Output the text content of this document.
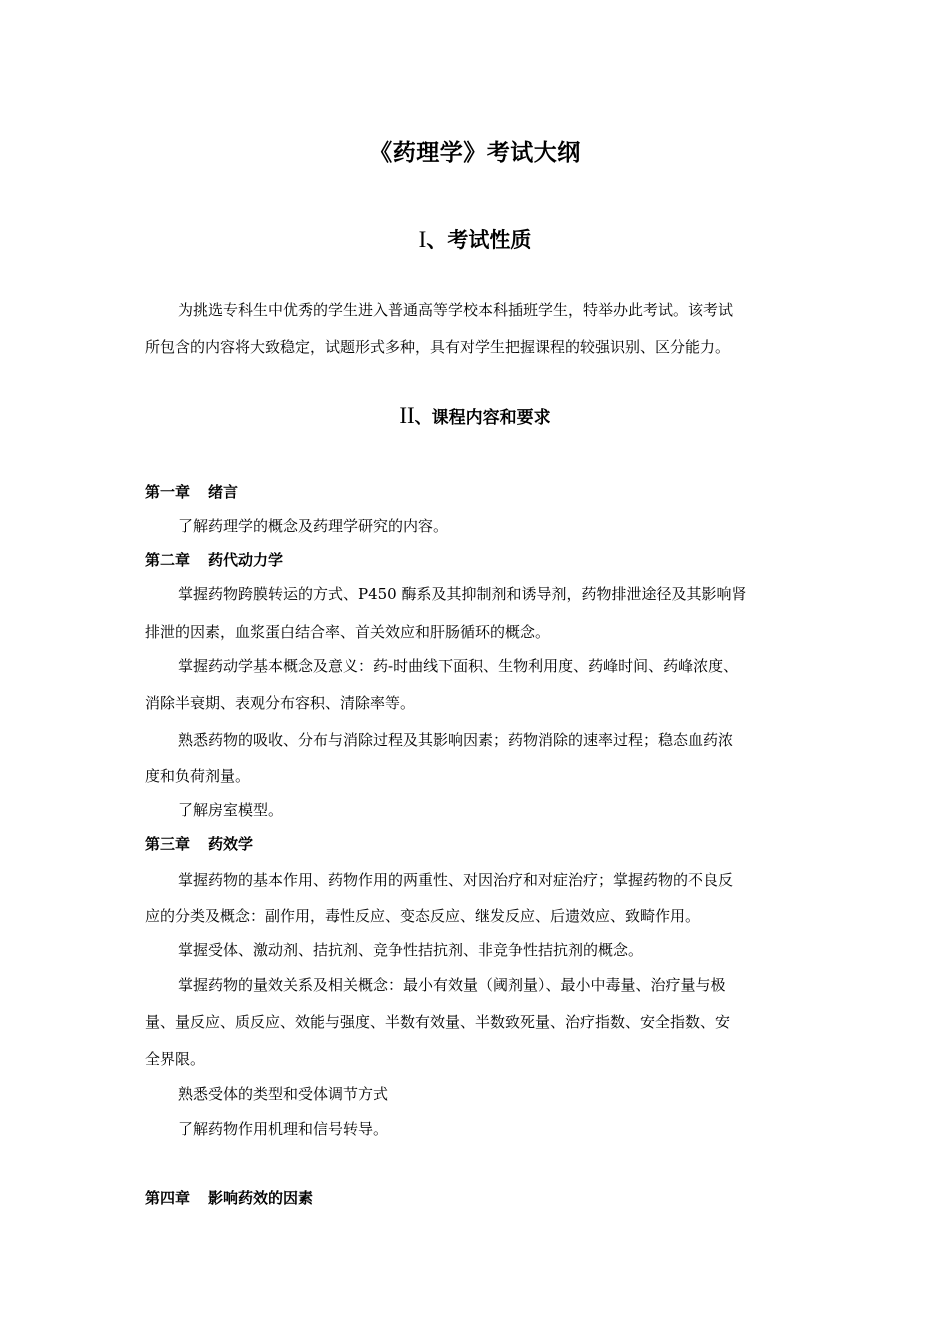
《药理学》考试大纲
I、考试性质
为挑选专科生中优秀的学生进入普通高等学校本科插班学生，特举办此考试。该考试
所包含的内容将大致稳定，试题形式多种，具有对学生把握课程的较强识别、区分能力。
II、课程内容和要求
第一章 绪言
了解药理学的概念及药理学研究的内容。
第二章 药代动力学
掌握药物跨膜转运的方式、P450 酶系及其抑制剂和诱导剂，药物排泄途径及其影响肾
排泄的因素，血浆蛋白结合率、首关效应和肝肠循环的概念。
掌握药动学基本概念及意义：药-时曲线下面积、生物利用度、药峰时间、药峰浓度、
消除半衰期、表观分布容积、清除率等。
熟悉药物的吸收、分布与消除过程及其影响因素；药物消除的速率过程；稳态血药浓
度和负荷剂量。
了解房室模型。
第三章 药效学
掌握药物的基本作用、药物作用的两重性、对因治疗和对症治疗；掌握药物的不良反
应的分类及概念：副作用，毒性反应、变态反应、继发反应、后遗效应、致畸作用。
掌握受体、激动剂、拮抗剂、竞争性拮抗剂、非竞争性拮抗剂的概念。
掌握药物的量效关系及相关概念：最小有效量（阈剂量）、最小中毒量、治疗量与极
量、量反应、质反应、效能与强度、半数有效量、半数致死量、治疗指数、安全指数、安
全界限。
熟悉受体的类型和受体调节方式
了解药物作用机理和信号转导。
第四章 影响药效的因素
